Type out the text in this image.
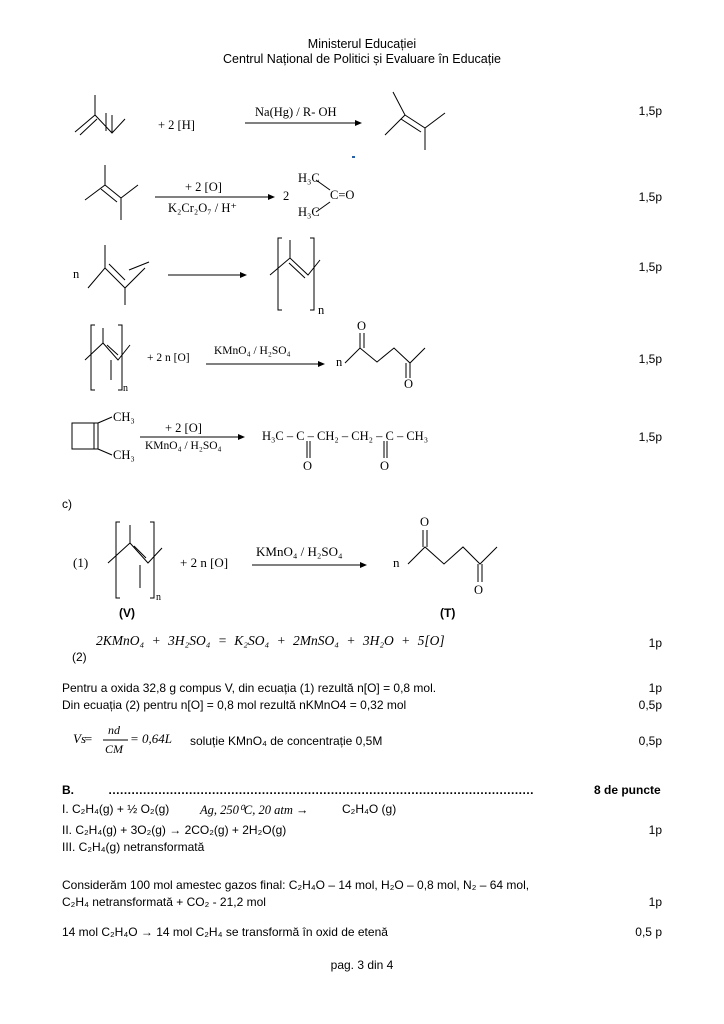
Ministerul Educației
Centrul Național de Politici și Evaluare în Educație
+ 2 [H]
Na(Hg) / R- OH	1,5p
+ 2 [O]
K₂Cr₂O₇ / H⁺
2
H₃C
C=O
H₃C
1,5p
n
n
1,5p
+ 2 n [O]
KMnO₄ / H₂SO₄
n
n
O
O
1,5p
CH₃
CH₃
+ 2 [O]
KMnO₄ / H₂SO₄
H₃C – C – CH₂ – CH₂ – C – CH₃
O	O
1,5p
c)
(1)	+ 2 n [O]
KMnO₄ / H₂SO₄
n
n
O
O
(V)	(T)
(2)
2KMnO₄ + 3H₂SO₄ = K₂SO₄ + 2MnSO₄ + 3H₂O + 5[O]	1p
Pentru a oxida 32,8 g compus V, din ecuația (1) rezultă n[O] = 0,8 mol.	1p
Din ecuația (2) pentru n[O] = 0,8 mol rezultă nKMnO4 = 0,32 mol	0,5p
Vs
=
nd
CM
= 0,64L soluție KMnO₄ de concentrație 0,5M	0,5p
B.	…………………………………………………………………………………………………	8 de puncte
I. C₂H₄(g) + ½ O₂(g) Ag, 250⁰C, 20 atm →	C₂H₄O (g)
II. C₂H₄(g) + 3O₂(g) → 2CO₂(g) + 2H₂O(g)	1p
III. C₂H₄(g) netransformată
Considerăm 100 mol amestec gazos final: C₂H₄O – 14 mol, H₂O – 0,8 mol, N₂ – 64 mol,
C₂H₄ netransformată + CO₂ - 21,2 mol	1p
14 mol C₂H₄O → 14 mol C₂H₄ se transformă în oxid de etenă	0,5 p
pag. 3 din 4
